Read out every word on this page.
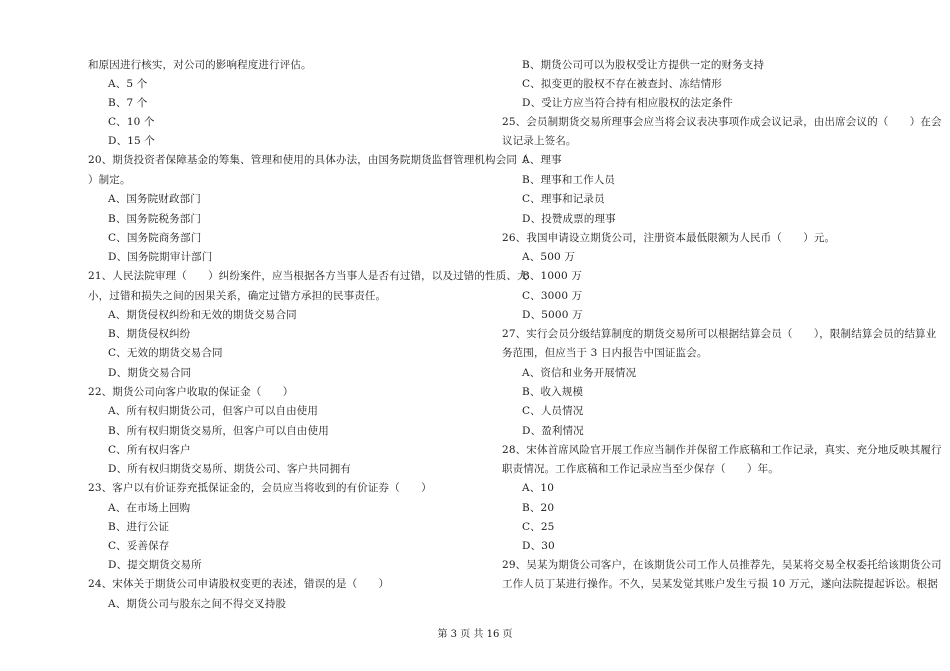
和原因进行核实，对公司的影响程度进行评估。
A、5 个
B、7 个
C、10 个
D、15 个
20、期货投资者保障基金的筹集、管理和使用的具体办法，由国务院期货监督管理机构会同（
）制定。
A、国务院财政部门
B、国务院税务部门
C、国务院商务部门
D、国务院期审计部门
21、人民法院审理（　　）纠纷案件，应当根据各方当事人是否有过错，以及过错的性质、大
小，过错和损失之间的因果关系，确定过错方承担的民事责任。
A、期货侵权纠纷和无效的期货交易合同
B、期货侵权纠纷
C、无效的期货交易合同
D、期货交易合同
22、期货公司向客户收取的保证金（　　）
A、所有权归期货公司，但客户可以自由使用
B、所有权归期货交易所，但客户可以自由使用
C、所有权归客户
D、所有权归期货交易所、期货公司、客户共同拥有
23、客户以有价证券充抵保证金的，会员应当将收到的有价证券（　　）
A、在市场上回购
B、进行公证
C、妥善保存
D、提交期货交易所
24、宋体关于期货公司申请股权变更的表述，错误的是（　　）
A、期货公司与股东之间不得交叉持股
B、期货公司可以为股权受让方提供一定的财务支持
C、拟变更的股权不存在被查封、冻结情形
D、受让方应当符合持有相应股权的法定条件
25、会员制期货交易所理事会应当将会议表决事项作成会议记录，由出席会议的（　　）在会
议记录上签名。
A、理事
B、理事和工作人员
C、理事和记录员
D、投赞成票的理事
26、我国申请设立期货公司，注册资本最低限额为人民币（　　）元。
A、500 万
B、1000 万
C、3000 万
D、5000 万
27、实行会员分级结算制度的期货交易所可以根据结算会员（　　），限制结算会员的结算业
务范围，但应当于 3 日内报告中国证监会。
A、资信和业务开展情况
B、收入规模
C、人员情况
D、盈利情况
28、宋体首席风险官开展工作应当制作并保留工作底稿和工作记录，真实、充分地反映其履行
职责情况。工作底稿和工作记录应当至少保存（　　）年。
A、10
B、20
C、25
D、30
29、吴某为期货公司客户，在该期货公司工作人员推荐先，吴某将交易全权委托给该期货公司
工作人员丁某进行操作。不久，吴某发觉其账户发生亏损 10 万元，遂向法院提起诉讼。根据
第 3 页 共 16 页
